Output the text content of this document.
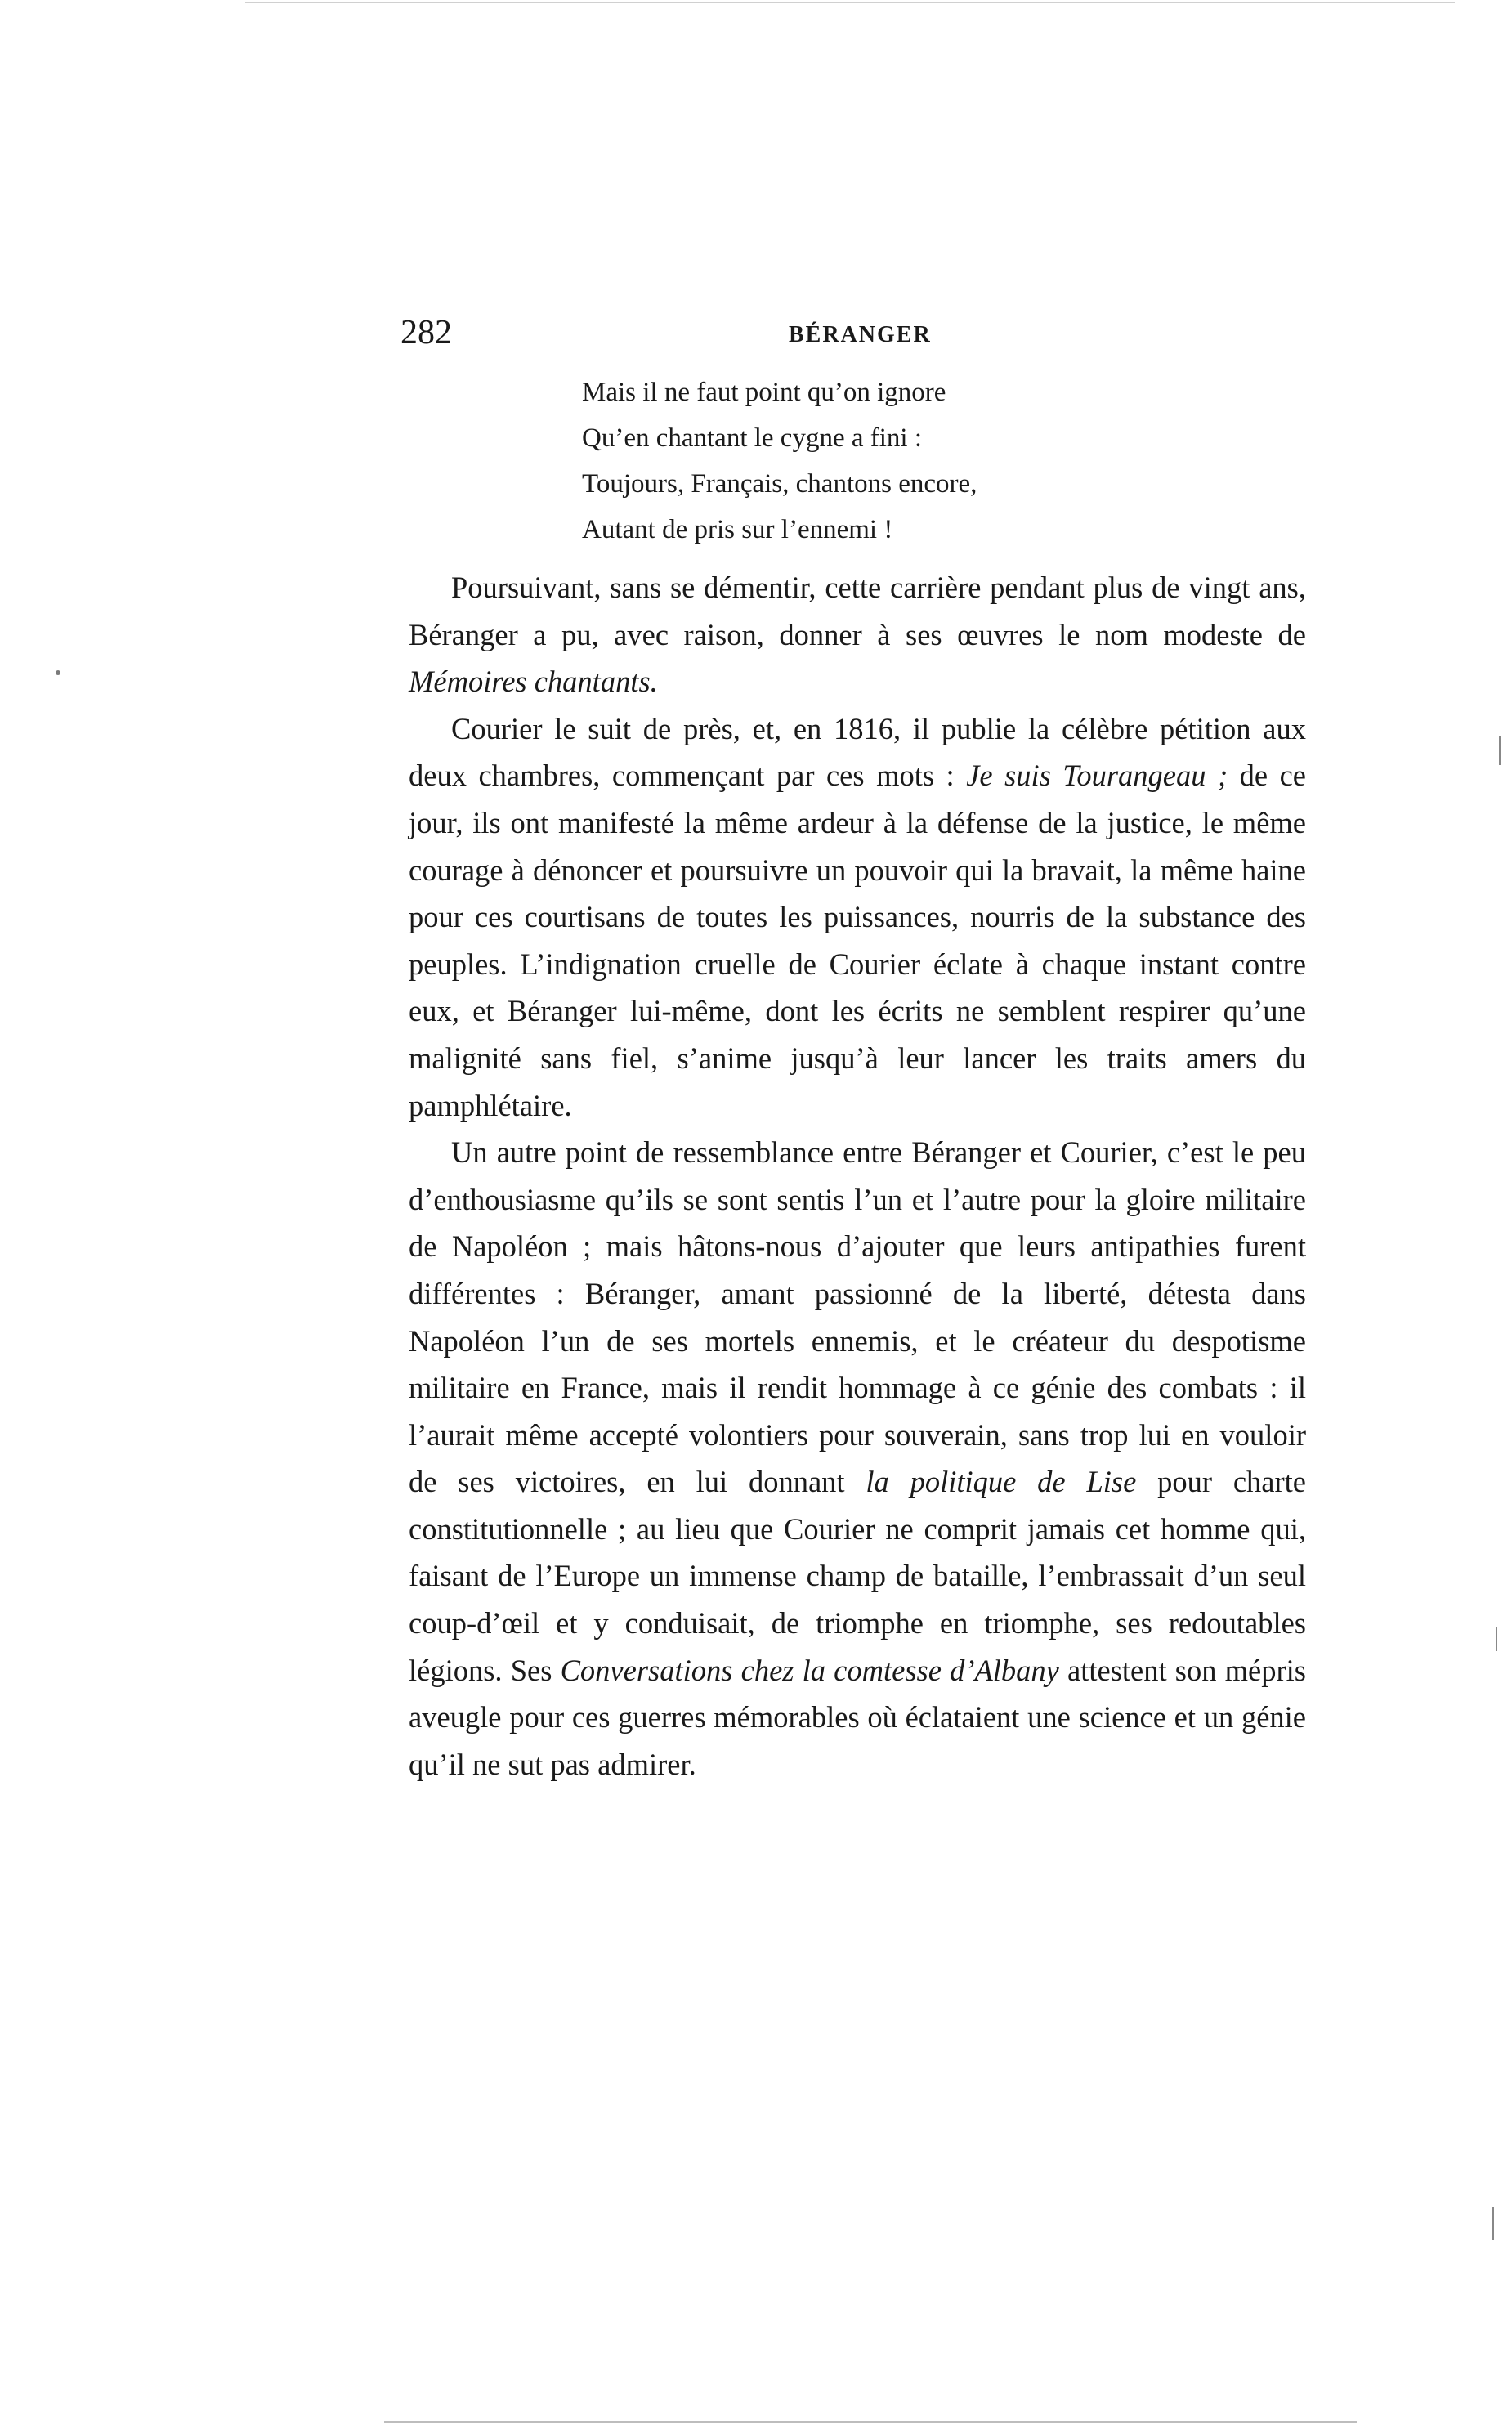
282	BÉRANGER
Mais il ne faut point qu’on ignore
Qu’en chantant le cygne a fini :
Toujours, Français, chantons encore,
Autant de pris sur l’ennemi !

Poursuivant, sans se démentir, cette carrière pendant plus de vingt ans, Béranger a pu, avec raison, donner à ses œuvres le nom modeste de Mémoires chantants.

Courier le suit de près, et, en 1816, il publie la célèbre pétition aux deux chambres, commençant par ces mots : Je suis Tourangeau ; de ce jour, ils ont manifesté la même ardeur à la défense de la justice, le même courage à dénoncer et poursuivre un pouvoir qui la bravait, la même haine pour ces courtisans de toutes les puissances, nourris de la substance des peuples. L’indignation cruelle de Courier éclate à chaque instant contre eux, et Béranger lui-même, dont les écrits ne semblent respirer qu’une malignité sans fiel, s’anime jusqu’à leur lancer les traits amers du pamphlétaire.

Un autre point de ressemblance entre Béranger et Courier, c’est le peu d’enthousiasme qu’ils se sont sentis l’un et l’autre pour la gloire militaire de Napoléon ; mais hâtons-nous d’ajouter que leurs antipathies furent différentes : Béranger, amant passionné de la liberté, détesta dans Napoléon l’un de ses mortels ennemis, et le créateur du despotisme militaire en France, mais il rendit hommage à ce génie des combats : il l’aurait même accepté volontiers pour souverain, sans trop lui en vouloir de ses victoires, en lui donnant la politique de Lise pour charte constitutionnelle ; au lieu que Courier ne comprit jamais cet homme qui, faisant de l’Europe un immense champ de bataille, l’embrassait d’un seul coup-d’œil et y conduisait, de triomphe en triomphe, ses redoutables légions. Ses Conversations chez la comtesse d’Albany attestent son mépris aveugle pour ces guerres mémorables où éclataient une science et un génie qu’il ne sut pas admirer.
